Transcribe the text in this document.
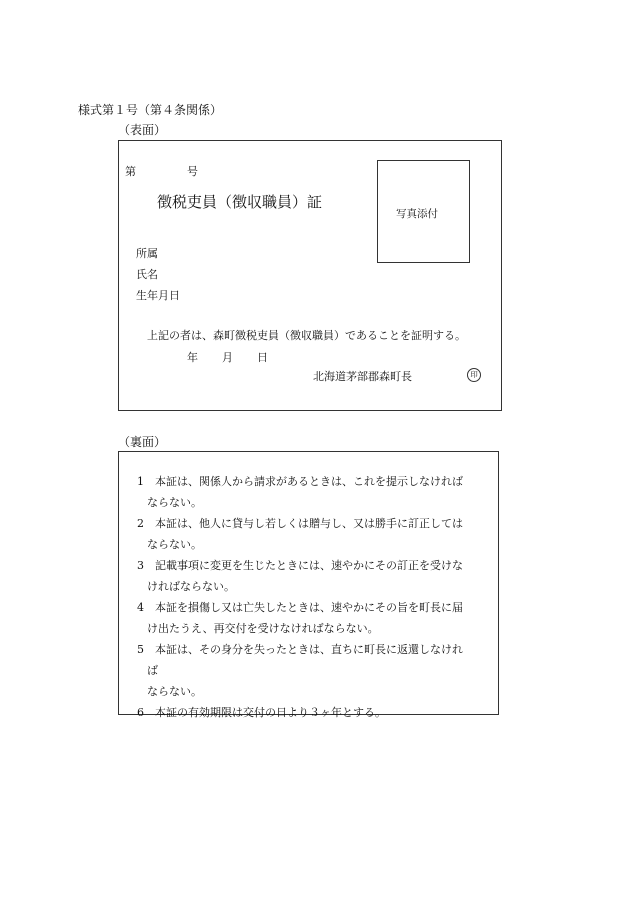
様式第１号（第４条関係）
（表面）
第	号
徴税吏員（徴収職員）証
写真添付
所属
氏名
生年月日
上記の者は、森町徴税吏員（徴収職員）であることを証明する。
年 月 日
北海道茅部郡森町長	印
（裏面）
1　 本証は、関係人から請求があるときは、これを提示しなければ
ならない。
2　 本証は、他人に貸与し若しくは贈与し、又は勝手に訂正しては
ならない。
3　 記載事項に変更を生じたときには、速やかにその訂正を受けな
ければならない。
4　 本証を損傷し又は亡失したときは、速やかにその旨を町長に届
け出たうえ、再交付を受けなければならない。
5　 本証は、その身分を失ったときは、直ちに町長に返還しなけれ
ば
ならない。
6　 本証の有効期限は交付の日より３ヶ年とする。
